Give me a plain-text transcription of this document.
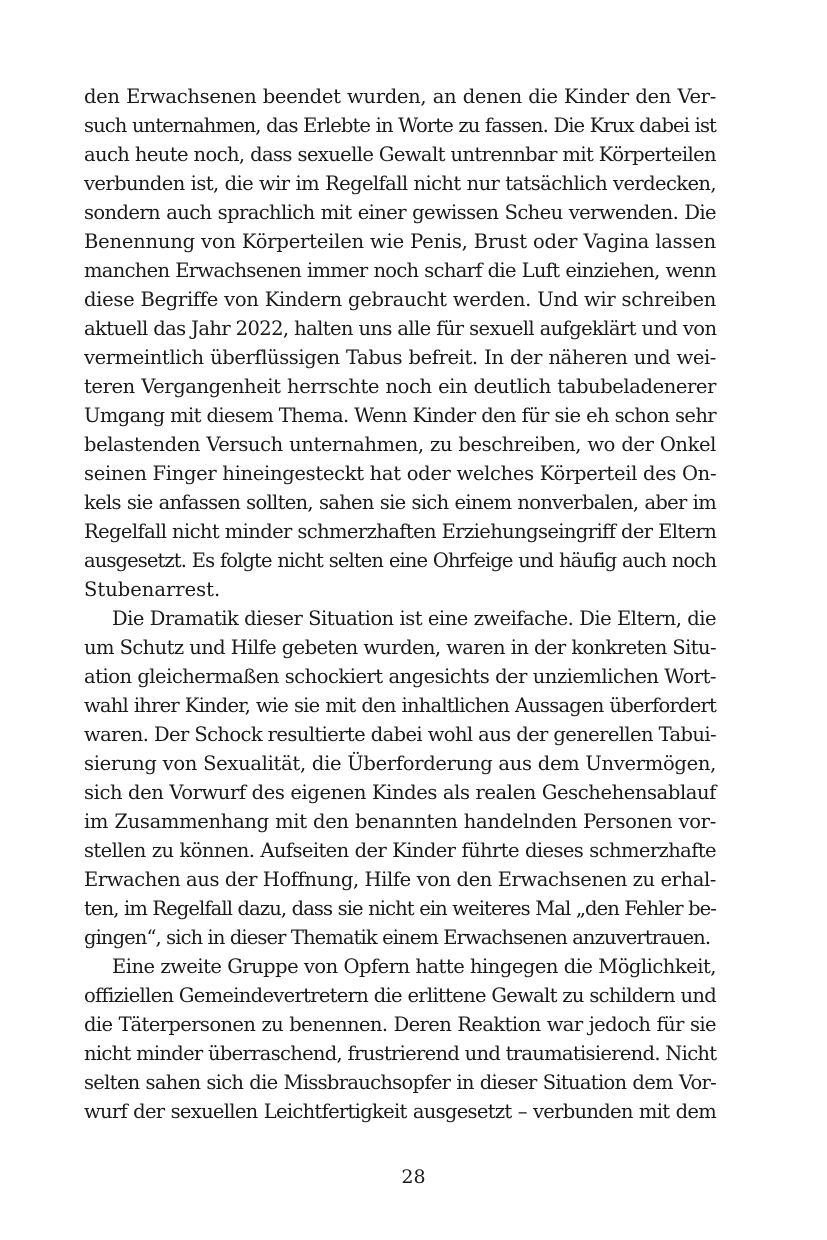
den Erwachsenen beendet wurden, an denen die Kinder den Ver-
such unternahmen, das Erlebte in Worte zu fassen. Die Krux dabei ist
auch heute noch, dass sexuelle Gewalt untrennbar mit Körperteilen
verbunden ist, die wir im Regelfall nicht nur tatsächlich verdecken,
sondern auch sprachlich mit einer gewissen Scheu verwenden. Die
Benennung von Körperteilen wie Penis, Brust oder Vagina lassen
manchen Erwachsenen immer noch scharf die Luft einziehen, wenn
diese Begriffe von Kindern gebraucht werden. Und wir schreiben
aktuell das Jahr 2022, halten uns alle für sexuell aufgeklärt und von
vermeintlich überflüssigen Tabus befreit. In der näheren und wei-
teren Vergangenheit herrschte noch ein deutlich tabubeladenerer
Umgang mit diesem Thema. Wenn Kinder den für sie eh schon sehr
belastenden Versuch unternahmen, zu beschreiben, wo der Onkel
seinen Finger hineingesteckt hat oder welches Körperteil des On-
kels sie anfassen sollten, sahen sie sich einem nonverbalen, aber im
Regelfall nicht minder schmerzhaften Erziehungseingriff der Eltern
ausgesetzt. Es folgte nicht selten eine Ohrfeige und häufig auch noch
Stubenarrest.

Die Dramatik dieser Situation ist eine zweifache. Die Eltern, die
um Schutz und Hilfe gebeten wurden, waren in der konkreten Situ-
ation gleichermaßen schockiert angesichts der unziemlichen Wort-
wahl ihrer Kinder, wie sie mit den inhaltlichen Aussagen überfordert
waren. Der Schock resultierte dabei wohl aus der generellen Tabui-
sierung von Sexualität, die Überforderung aus dem Unvermögen,
sich den Vorwurf des eigenen Kindes als realen Geschehensablauf
im Zusammenhang mit den benannten handelnden Personen vor-
stellen zu können. Aufseiten der Kinder führte dieses schmerzhafte
Erwachen aus der Hoffnung, Hilfe von den Erwachsenen zu erhal-
ten, im Regelfall dazu, dass sie nicht ein weiteres Mal „den Fehler be-
gingen“, sich in dieser Thematik einem Erwachsenen anzuvertrauen.

Eine zweite Gruppe von Opfern hatte hingegen die Möglichkeit,
offiziellen Gemeindevertretern die erlittene Gewalt zu schildern und
die Täterpersonen zu benennen. Deren Reaktion war jedoch für sie
nicht minder überraschend, frustrierend und traumatisierend. Nicht
selten sahen sich die Missbrauchsopfer in dieser Situation dem Vor-
wurf der sexuellen Leichtfertigkeit ausgesetzt – verbunden mit dem

28
